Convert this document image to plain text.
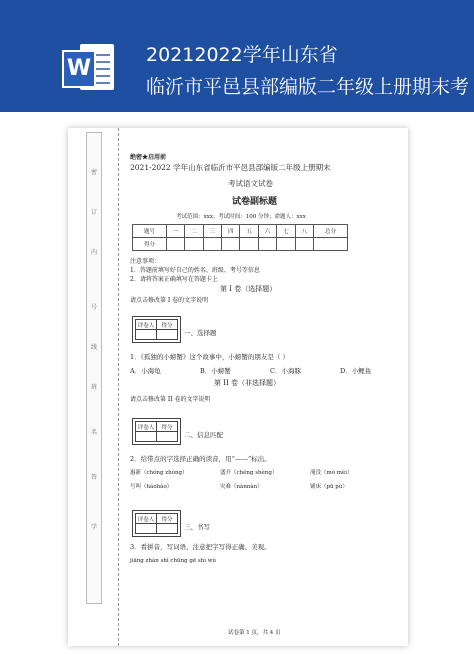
W
20212022学年山东省
临沂市平邑县部编版二年级上册期末考
密
订
内
号
线
班
名
答
学
绝密★启用前
2021-2022 学年山东省临沂市平邑县部编版二年级上册期末
考试语文试卷
试卷副标题
考试范围：xxx；考试时间：100 分钟；命题人：xxx
题号	一	二	三	四	五	六	七	八	总分
得分									
注意事项：
1．答题前填写好自己的姓名、班级、考号等信息
2．请将答案正确填写在答题卡上
第 I 卷（选择题）
请点击修改第 I 卷的文字说明
评卷人	得分

一、选择题
1．《孤独的小螃蟹》这个故事中，小螃蟹的朋友是（ ）
A．小海龟	B．小螃蟹	C．小海豚	D．小鲤鱼
第 II 卷（非选择题）
请点击修改第 II 卷的文字说明
评卷人	得分

二、信息匹配
2．给带点的字选择正确的读音，用“——”标出。
惠新（chóng zhòng）	盛开（chéng shèng）	淹没（mò méi）
号叫（háohào）	灾难（nànnàn）	铺床（pū pù）
评卷人	得分

三、书写
3．看拼音，写词语，注意把字写得正确、美观。
jiāng zhàn shì chūng gē shì wù
试卷第 1 页，共 4 页
